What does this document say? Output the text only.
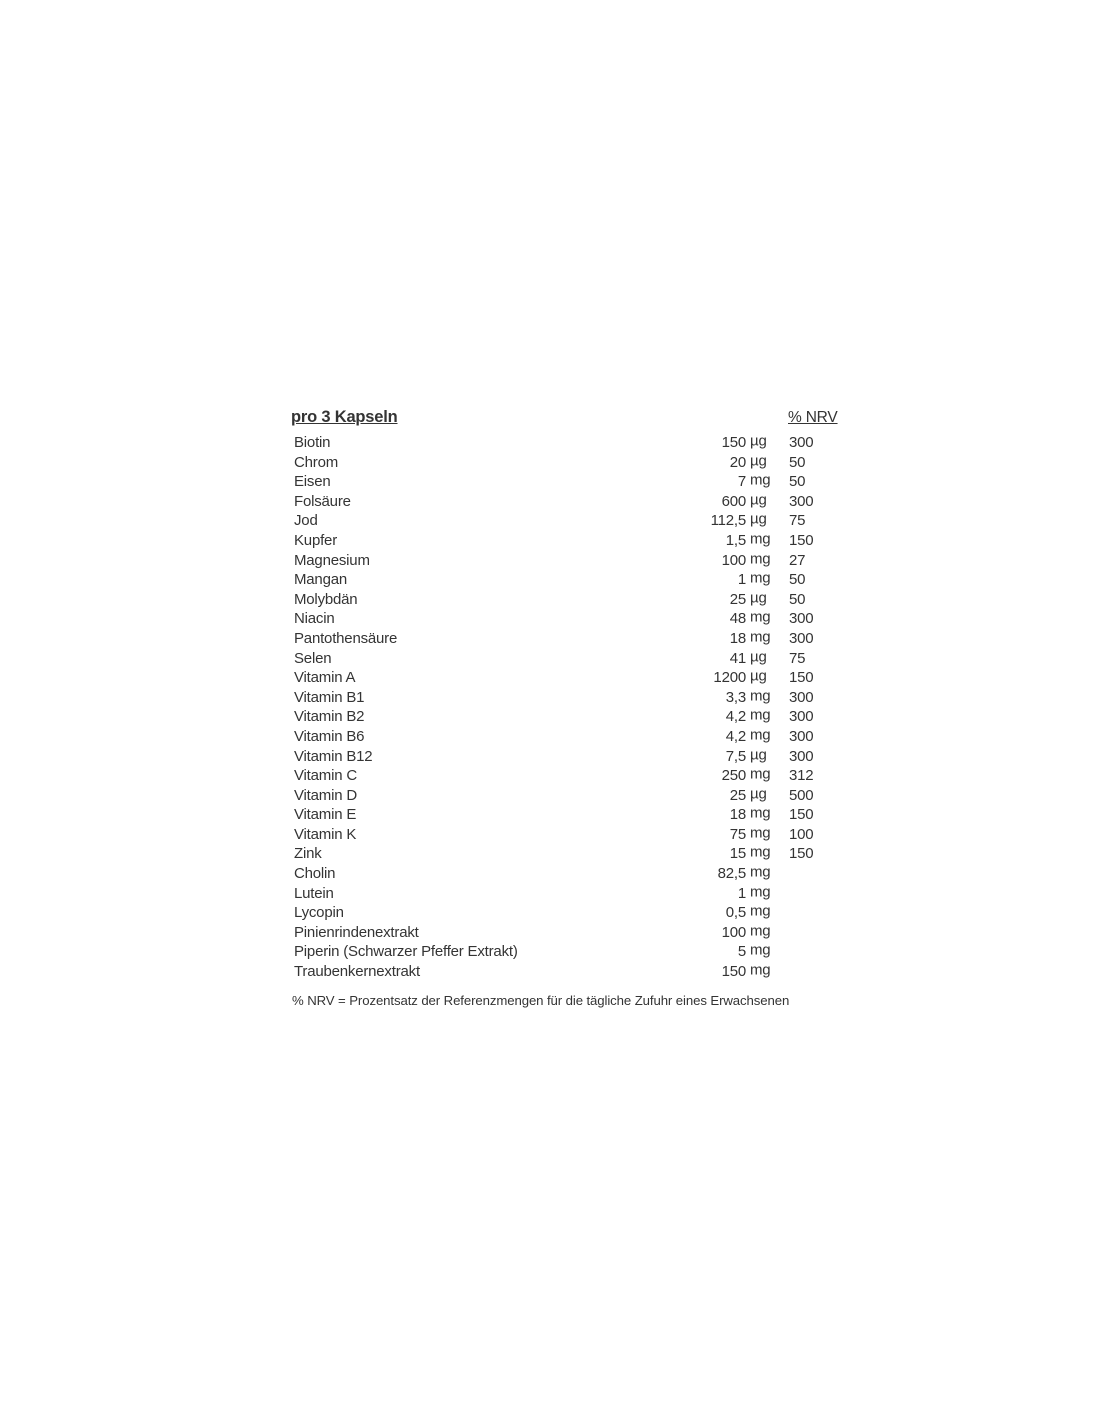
pro 3 Kapseln	% NRV
Biotin	150 µg	300
Chrom	20 µg	50
Eisen	7 mg	50
Folsäure	600 µg	300
Jod	112,5 µg	75
Kupfer	1,5 mg	150
Magnesium	100 mg	27
Mangan	1 mg	50
Molybdän	25 µg	50
Niacin	48 mg	300
Pantothensäure	18 mg	300
Selen	41 µg	75
Vitamin A	1200 µg	150
Vitamin B1	3,3 mg	300
Vitamin B2	4,2 mg	300
Vitamin B6	4,2 mg	300
Vitamin B12	7,5 µg	300
Vitamin C	250 mg	312
Vitamin D	25 µg	500
Vitamin E	18 mg	150
Vitamin K	75 mg	100
Zink	15 mg	150
Cholin	82,5 mg
Lutein	1 mg
Lycopin	0,5 mg
Pinienrindenextrakt	100 mg
Piperin (Schwarzer Pfeffer Extrakt)	5 mg
Traubenkernextrakt	150 mg
% NRV = Prozentsatz der Referenzmengen für die tägliche Zufuhr eines Erwachsenen
